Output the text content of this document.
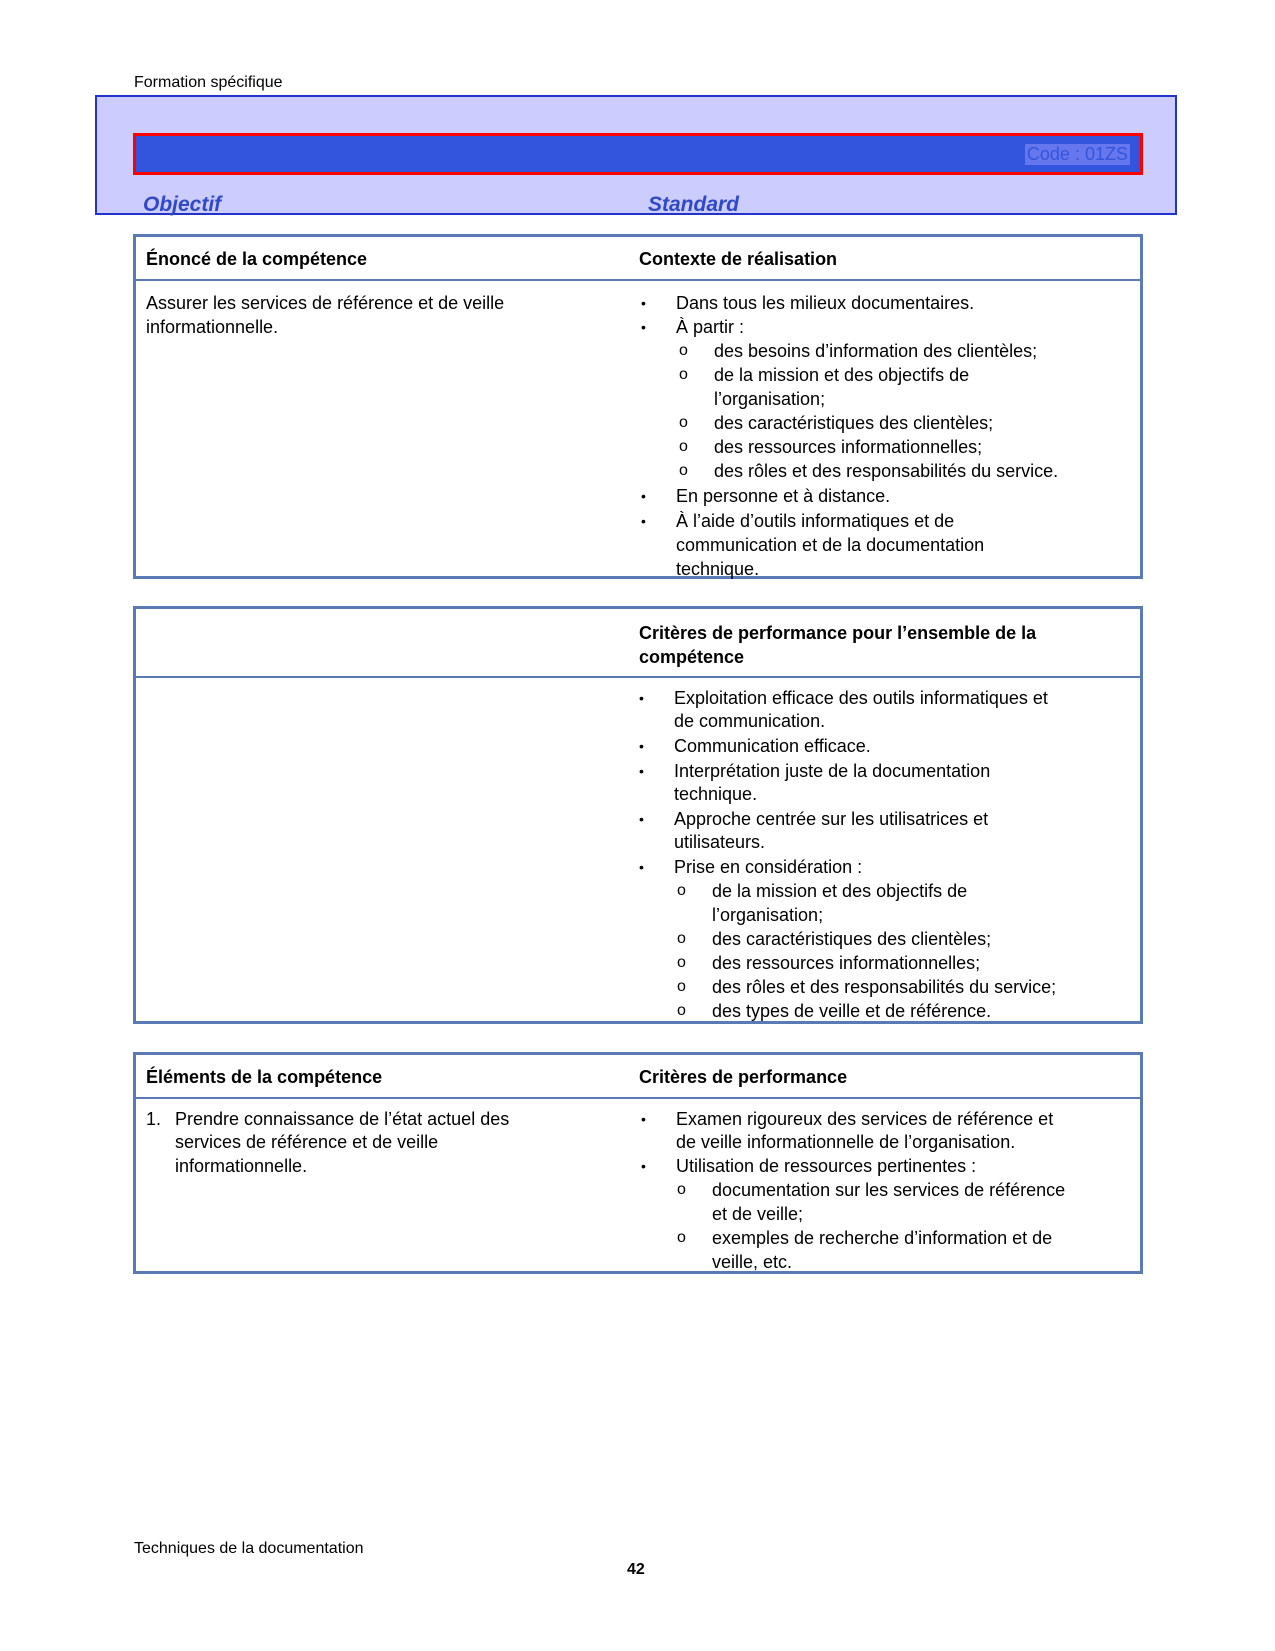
Formation spécifique
Code : 01ZS
Objectif	Standard
Énoncé de la compétence	Contexte de réalisation
Assurer les services de référence et de veille
informationnelle.
• Dans tous les milieux documentaires.
• À partir :
o des besoins d’information des clientèles;
o de la mission et des objectifs de
l’organisation;
o des caractéristiques des clientèles;
o des ressources informationnelles;
o des rôles et des responsabilités du service.
• En personne et à distance.
• À l’aide d’outils informatiques et de
communication et de la documentation
technique.
Critères de performance pour l’ensemble de la
compétence
• Exploitation efficace des outils informatiques et
de communication.
• Communication efficace.
• Interprétation juste de la documentation
technique.
• Approche centrée sur les utilisatrices et
utilisateurs.
• Prise en considération :
o de la mission et des objectifs de
l’organisation;
o des caractéristiques des clientèles;
o des ressources informationnelles;
o des rôles et des responsabilités du service;
o des types de veille et de référence.
Éléments de la compétence	Critères de performance
1. Prendre connaissance de l’état actuel des
services de référence et de veille
informationnelle.
• Examen rigoureux des services de référence et
de veille informationnelle de l’organisation.
• Utilisation de ressources pertinentes :
o documentation sur les services de référence
et de veille;
o exemples de recherche d’information et de
veille, etc.
Techniques de la documentation
42
